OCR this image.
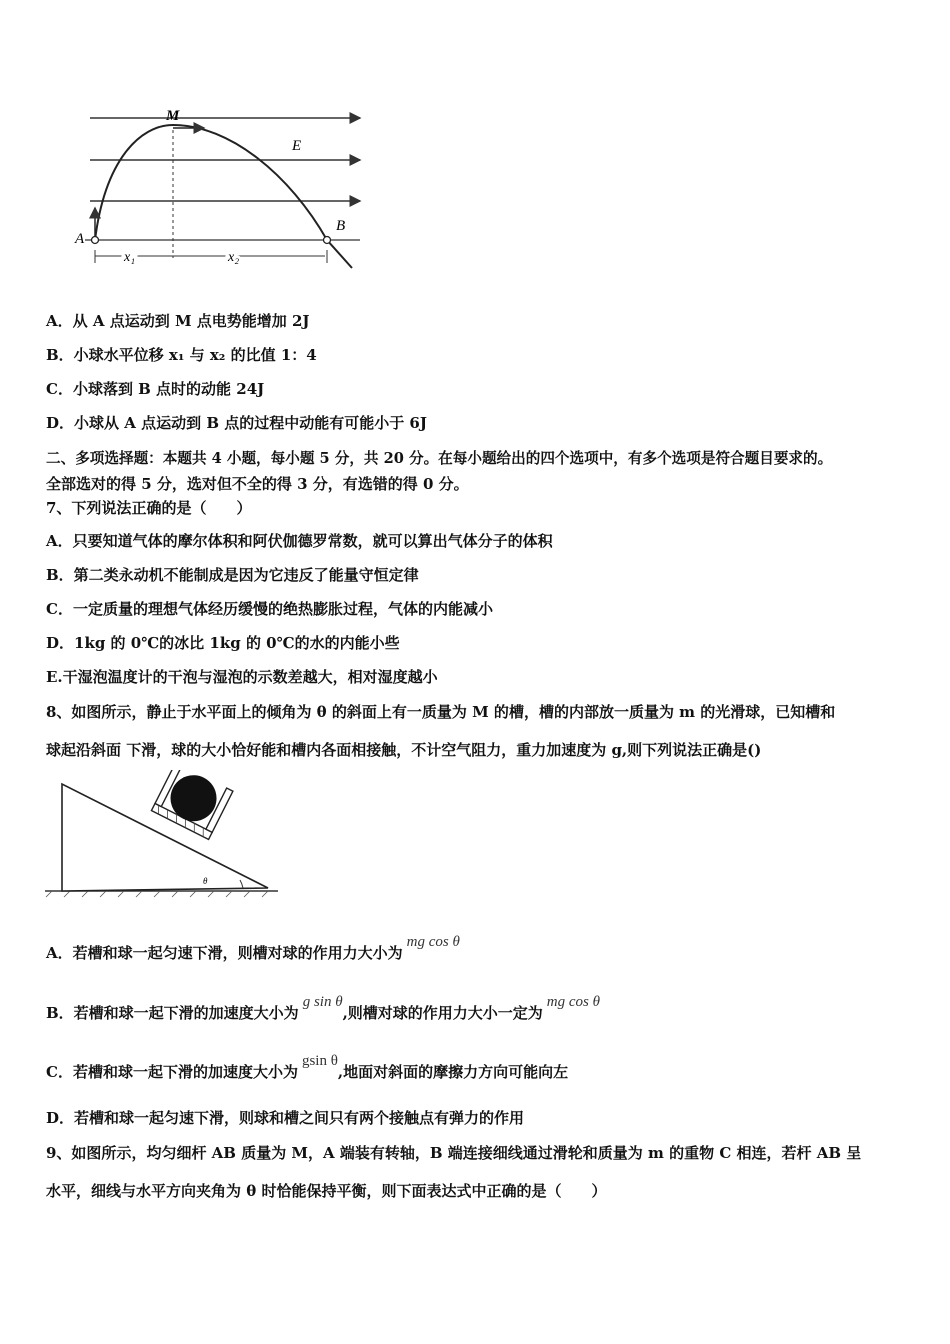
M
E
A
B
x₁	x₂
A．从 A 点运动到 M 点电势能增加 2J
B．小球水平位移 x₁ 与 x₂ 的比值 1：4
C．小球落到 B 点时的动能 24J
D．小球从 A 点运动到 B 点的过程中动能有可能小于 6J
二、多项选择题：本题共 4 小题，每小题 5 分，共 20 分。在每小题给出的四个选项中，有多个选项是符合题目要求的。
全部选对的得 5 分，选对但不全的得 3 分，有选错的得 0 分。
7、下列说法正确的是（　　）
A．只要知道气体的摩尔体积和阿伏伽德罗常数，就可以算出气体分子的体积
B．第二类永动机不能制成是因为它违反了能量守恒定律
C．一定质量的理想气体经历缓慢的绝热膨胀过程，气体的内能减小
D．1kg 的 0℃的冰比 1kg 的 0℃的水的内能小些
E.干湿泡温度计的干泡与湿泡的示数差越大，相对湿度越小
8、如图所示，静止于水平面上的倾角为 θ 的斜面上有一质量为 M 的槽，槽的内部放一质量为 m 的光滑球，已知槽和
球起沿斜面 下滑，球的大小恰好能和槽内各面相接触，不计空气阻力，重力加速度为 g,则下列说法正确是()
θ
A．若槽和球一起匀速下滑，则槽对球的作用力大小为mg cos θ
B．若槽和球一起下滑的加速度大小为g sin θ,则槽对球的作用力大小一定为mg cos θ
C．若槽和球一起下滑的加速度大小为gsin θ,地面对斜面的摩擦力方向可能向左
D．若槽和球一起匀速下滑，则球和槽之间只有两个接触点有弹力的作用
9、如图所示，均匀细杆 AB 质量为 M，A 端装有转轴，B 端连接细线通过滑轮和质量为 m 的重物 C 相连，若杆 AB 呈
水平，细线与水平方向夹角为 θ 时恰能保持平衡，则下面表达式中正确的是（　　）
